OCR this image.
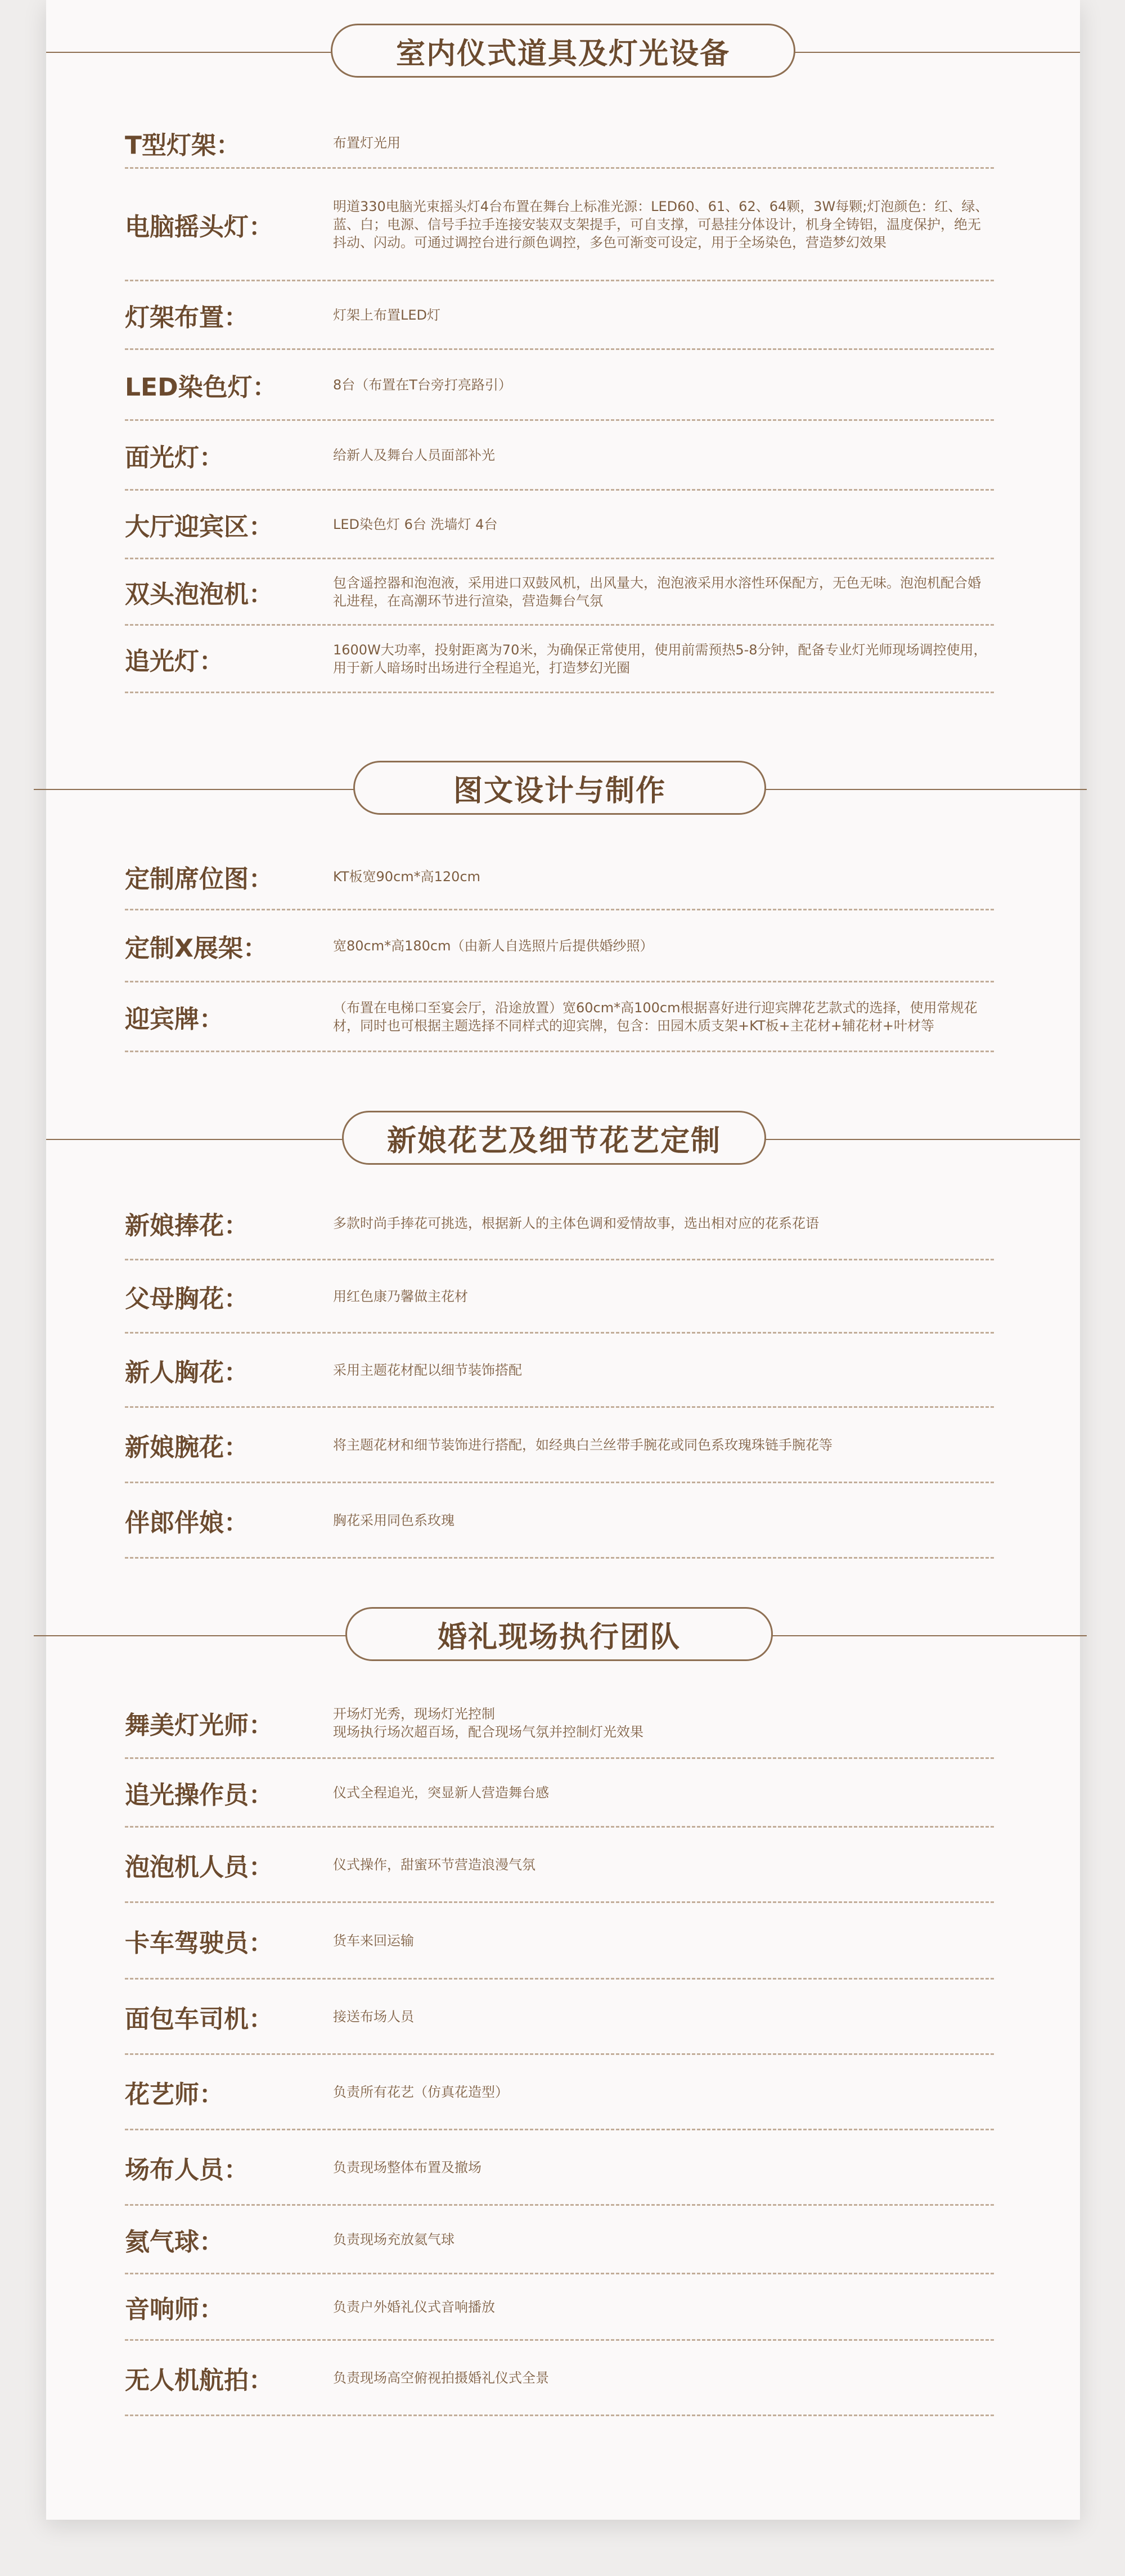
室内仪式道具及灯光设备
T型灯架：	布置灯光用
电脑摇头灯：
明道330电脑光束摇头灯4台布置在舞台上标准光源：LED60、61、62、64颗，3W每颗;灯泡颜色：红、绿、蓝、白；电源、信号手拉手连接安装双支架提手，可自支撑，可悬挂分体设计，机身全铸铝，温度保护，绝无抖动、闪动。可通过调控台进行颜色调控，多色可渐变可设定，用于全场染色，营造梦幻效果
灯架布置：	灯架上布置LED灯
LED染色灯：	8台（布置在T台旁打亮路引）
面光灯：	给新人及舞台人员面部补光
大厅迎宾区：	LED染色灯 6台 洗墙灯 4台
双头泡泡机：	包含遥控器和泡泡液，采用进口双鼓风机，出风量大，泡泡液采用水溶性环保配方，无色无味。泡泡机配合婚礼进程，在高潮环节进行渲染，营造舞台气氛
追光灯：	1600W大功率，投射距离为70米，为确保正常使用，使用前需预热5-8分钟，配备专业灯光师现场调控使用，用于新人暗场时出场进行全程追光，打造梦幻光圈
图文设计与制作
定制席位图：	KT板宽90cm*高120cm
定制X展架：	宽80cm*高180cm（由新人自选照片后提供婚纱照）
迎宾牌：	（布置在电梯口至宴会厅，沿途放置）宽60cm*高100cm根据喜好进行迎宾牌花艺款式的选择，使用常规花材，同时也可根据主题选择不同样式的迎宾牌，包含：田园木质支架+KT板+主花材+辅花材+叶材等
新娘花艺及细节花艺定制
新娘捧花：	多款时尚手捧花可挑选，根据新人的主体色调和爱情故事，选出相对应的花系花语
父母胸花：	用红色康乃馨做主花材
新人胸花：	采用主题花材配以细节装饰搭配
新娘腕花：	将主题花材和细节装饰进行搭配，如经典白兰丝带手腕花或同色系玫瑰珠链手腕花等
伴郎伴娘：	胸花采用同色系玫瑰
婚礼现场执行团队
舞美灯光师：	开场灯光秀，现场灯光控制
现场执行场次超百场，配合现场气氛并控制灯光效果
追光操作员：	仪式全程追光，突显新人营造舞台感
泡泡机人员：	仪式操作，甜蜜环节营造浪漫气氛
卡车驾驶员：	货车来回运输
面包车司机：	接送布场人员
花艺师：	负责所有花艺（仿真花造型）
场布人员：	负责现场整体布置及撤场
氦气球：	负责现场充放氦气球
音响师：	负责户外婚礼仪式音响播放
无人机航拍：	负责现场高空俯视拍摄婚礼仪式全景
